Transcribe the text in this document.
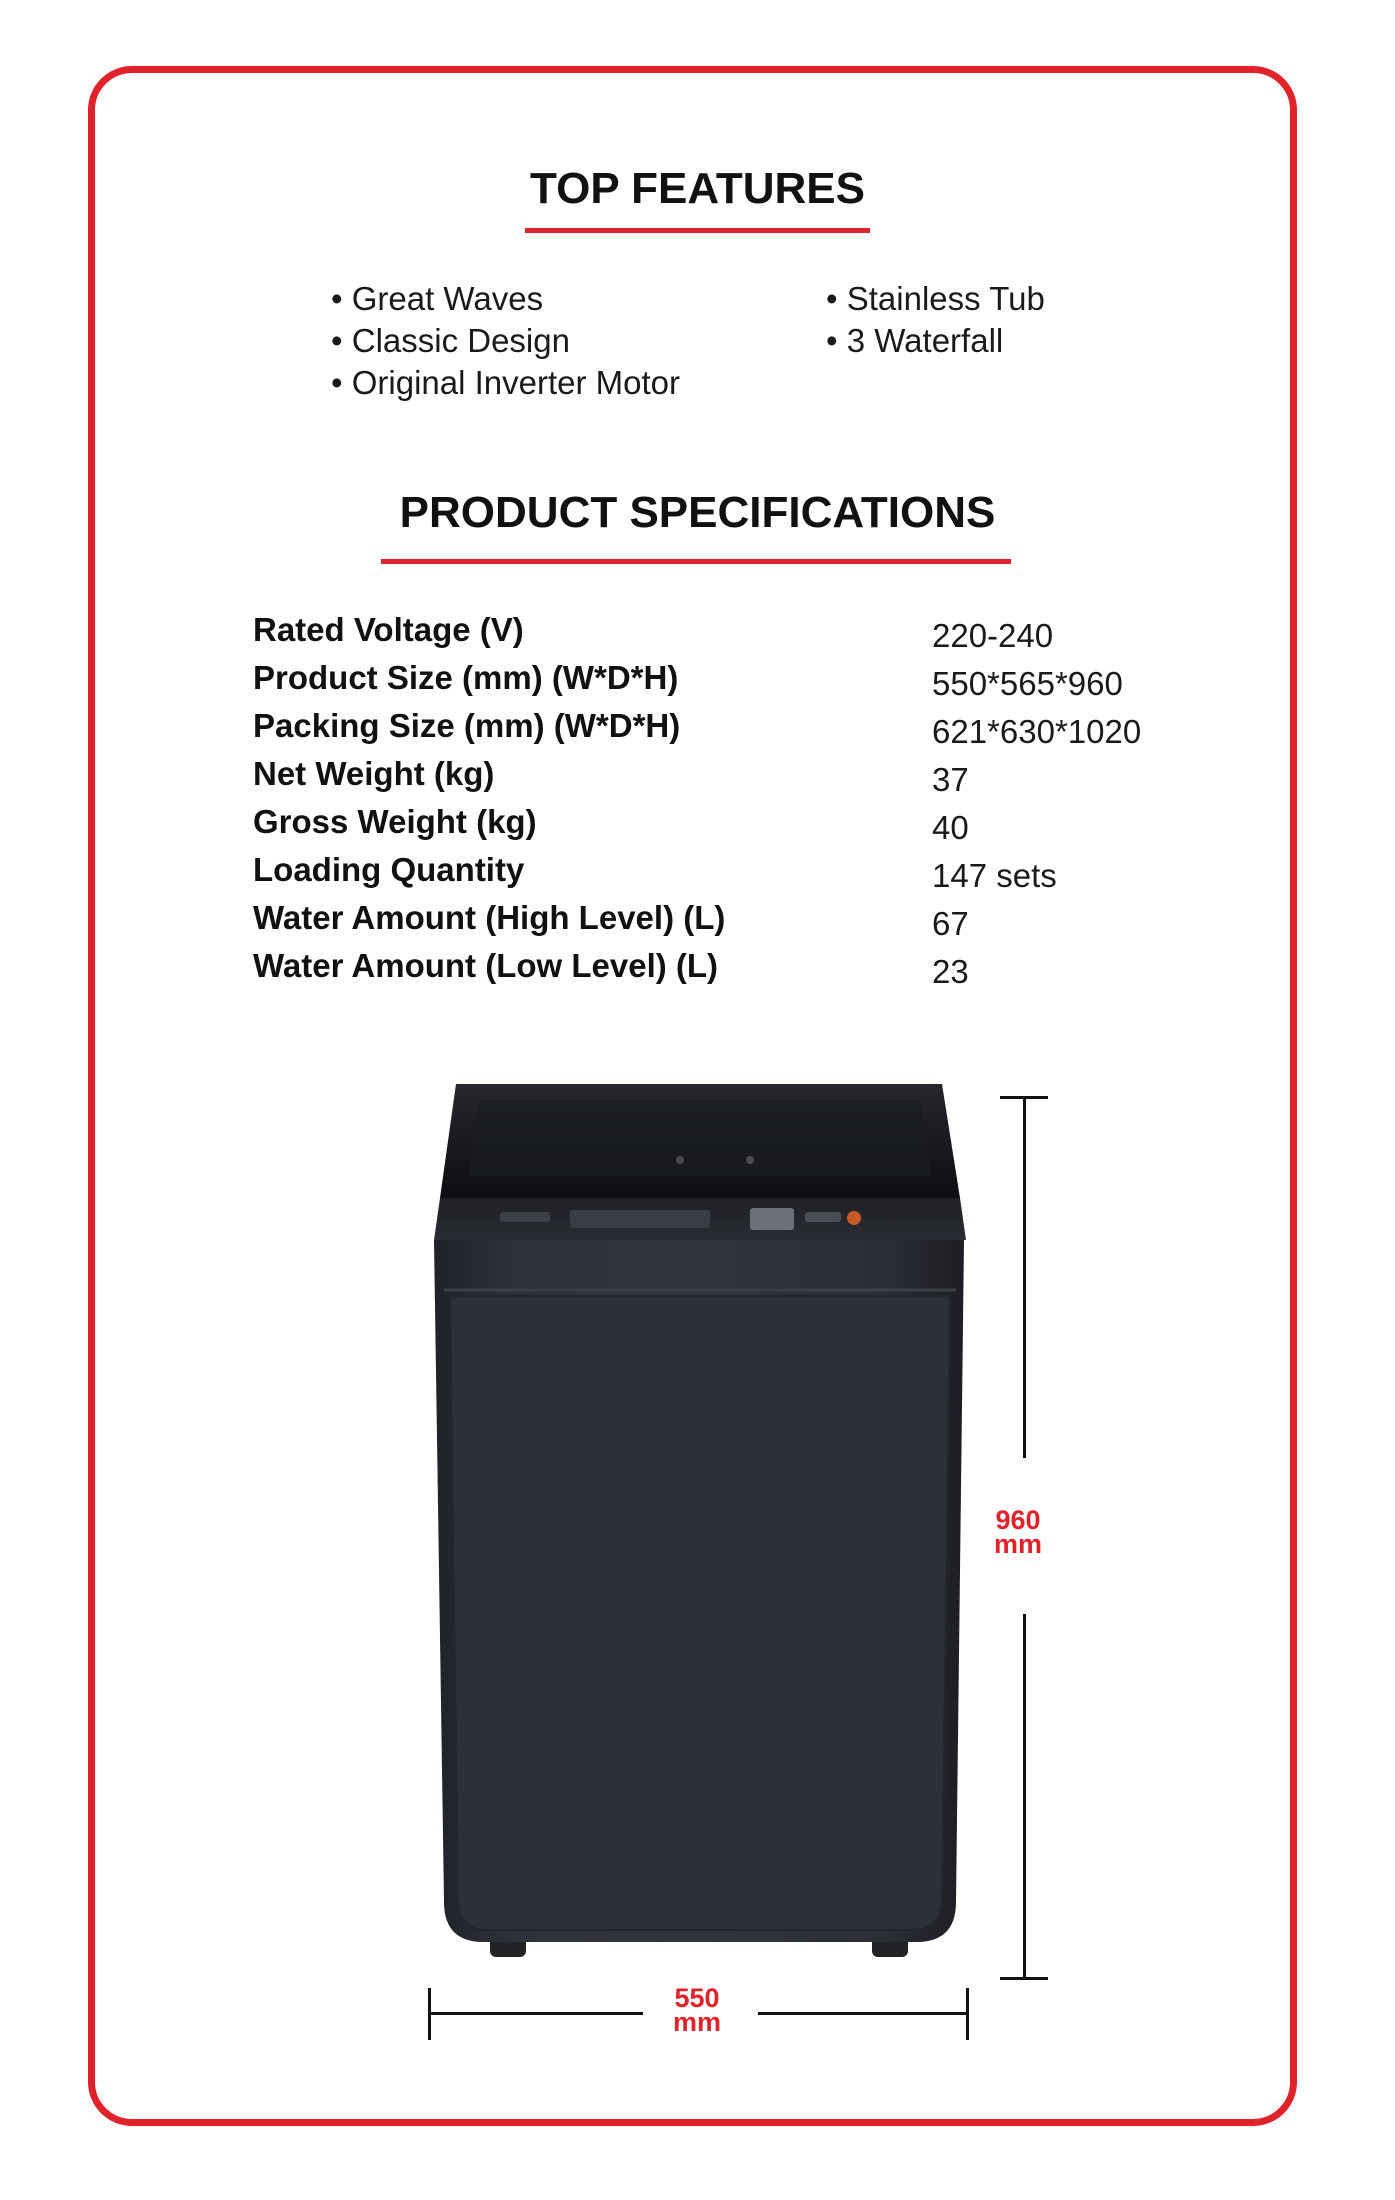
TOP FEATURES
• Great Waves
• Classic Design
• Original Inverter Motor
• Stainless Tub
• 3 Waterfall
PRODUCT SPECIFICATIONS
Rated Voltage (V)	220-240
Product Size (mm) (W*D*H)	550*565*960
Packing Size (mm) (W*D*H)	621*630*1020
Net Weight (kg)	37
Gross Weight (kg)	40
Loading Quantity	147 sets
Water Amount (High Level) (L)	67
Water Amount (Low Level) (L)	23
960
mm
550
mm
